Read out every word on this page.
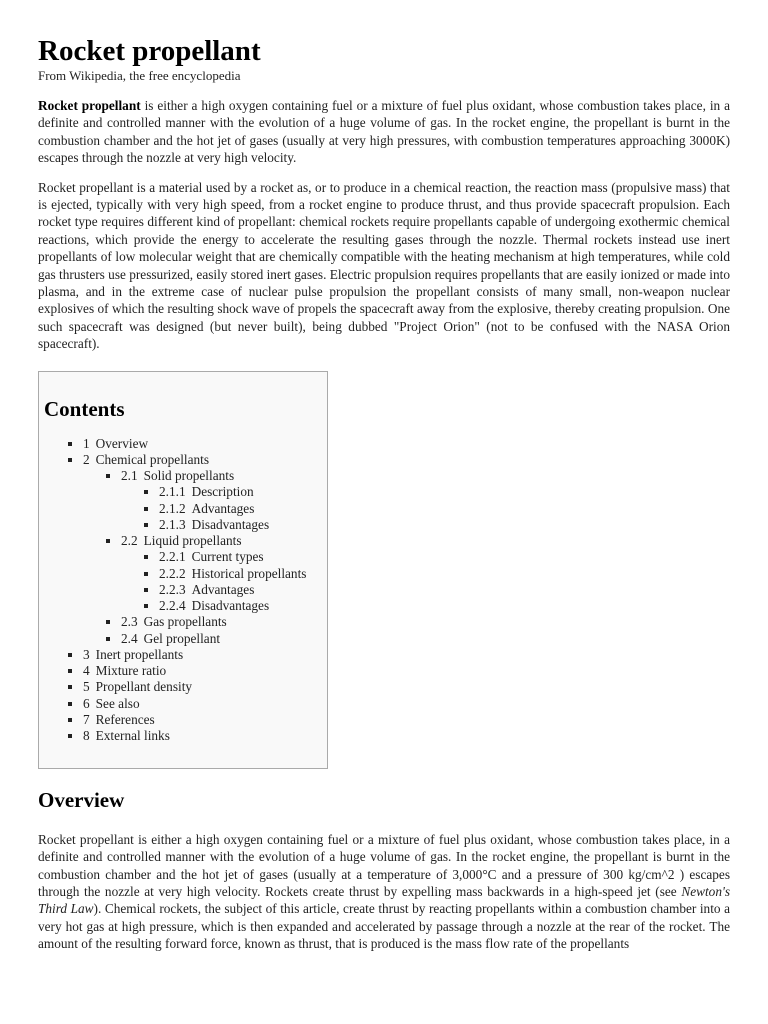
Rocket propellant
From Wikipedia, the free encyclopedia

Rocket propellant is either a high oxygen containing fuel or a mixture of fuel plus oxidant, whose combustion takes place, in a definite and controlled manner with the evolution of a huge volume of gas. In the rocket engine, the propellant is burnt in the combustion chamber and the hot jet of gases (usually at very high pressures, with combustion temperatures approaching 3000K) escapes through the nozzle at very high velocity.

Rocket propellant is a material used by a rocket as, or to produce in a chemical reaction, the reaction mass (propulsive mass) that is ejected, typically with very high speed, from a rocket engine to produce thrust, and thus provide spacecraft propulsion. Each rocket type requires different kind of propellant: chemical rockets require propellants capable of undergoing exothermic chemical reactions, which provide the energy to accelerate the resulting gases through the nozzle. Thermal rockets instead use inert propellants of low molecular weight that are chemically compatible with the heating mechanism at high temperatures, while cold gas thrusters use pressurized, easily stored inert gases. Electric propulsion requires propellants that are easily ionized or made into plasma, and in the extreme case of nuclear pulse propulsion the propellant consists of many small, non-weapon nuclear explosives of which the resulting shock wave of propels the spacecraft away from the explosive, thereby creating propulsion. One such spacecraft was designed (but never built), being dubbed "Project Orion" (not to be confused with the NASA Orion spacecraft).

Contents
1 Overview
2 Chemical propellants
2.1 Solid propellants
2.1.1 Description
2.1.2 Advantages
2.1.3 Disadvantages
2.2 Liquid propellants
2.2.1 Current types
2.2.2 Historical propellants
2.2.3 Advantages
2.2.4 Disadvantages
2.3 Gas propellants
2.4 Gel propellant
3 Inert propellants
4 Mixture ratio
5 Propellant density
6 See also
7 References
8 External links
Overview

Rocket propellant is either a high oxygen containing fuel or a mixture of fuel plus oxidant, whose combustion takes place, in a definite and controlled manner with the evolution of a huge volume of gas. In the rocket engine, the propellant is burnt in the combustion chamber and the hot jet of gases (usually at a temperature of 3,000°C and a pressure of 300 kg/cm^2 ) escapes through the nozzle at very high velocity. Rockets create thrust by expelling mass backwards in a high-speed jet (see Newton's Third Law). Chemical rockets, the subject of this article, create thrust by reacting propellants within a combustion chamber into a very hot gas at high pressure, which is then expanded and accelerated by passage through a nozzle at the rear of the rocket. The amount of the resulting forward force, known as thrust, that is produced is the mass flow rate of the propellants
